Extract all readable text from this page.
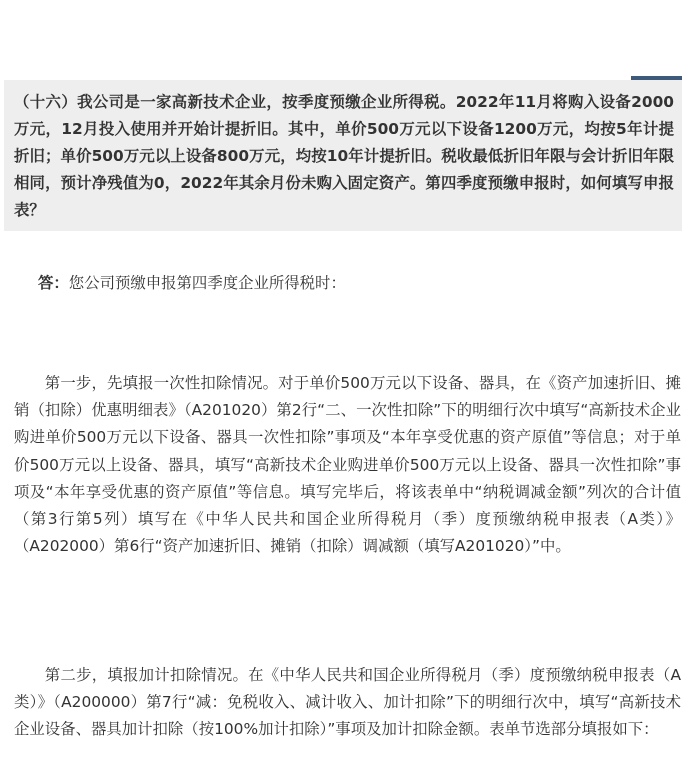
（十六）我公司是一家高新技术企业，按季度预缴企业所得税。2022年11月将购入设备2000万元，12月投入使用并开始计提折旧。其中，单价500万元以下设备1200万元，均按5年计提折旧；单价500万元以上设备800万元，均按10年计提折旧。税收最低折旧年限与会计折旧年限相同，预计净残值为0，2022年其余月份未购入固定资产。第四季度预缴申报时，如何填写申报表？

答：您公司预缴申报第四季度企业所得税时：

第一步，先填报一次性扣除情况。对于单价500万元以下设备、器具，在《资产加速折旧、摊销（扣除）优惠明细表》（A201020）第2行“二、一次性扣除”下的明细行次中填写“高新技术企业购进单价500万元以下设备、器具一次性扣除”事项及“本年享受优惠的资产原值”等信息；对于单价500万元以上设备、器具，填写“高新技术企业购进单价500万元以上设备、器具一次性扣除”事项及“本年享受优惠的资产原值”等信息。填写完毕后，将该表单中“纳税调减金额”列次的合计值（第3行第5列）填写在《中华人民共和国企业所得税月（季）度预缴纳税申报表（A类）》（A202000）第6行“资产加速折旧、摊销（扣除）调减额（填写A201020）”中。

第二步，填报加计扣除情况。在《中华人民共和国企业所得税月（季）度预缴纳税申报表（A类）》（A200000）第7行“减：免税收入、减计收入、加计扣除”下的明细行次中，填写“高新技术企业设备、器具加计扣除（按100%加计扣除）”事项及加计扣除金额。表单节选部分填报如下：
